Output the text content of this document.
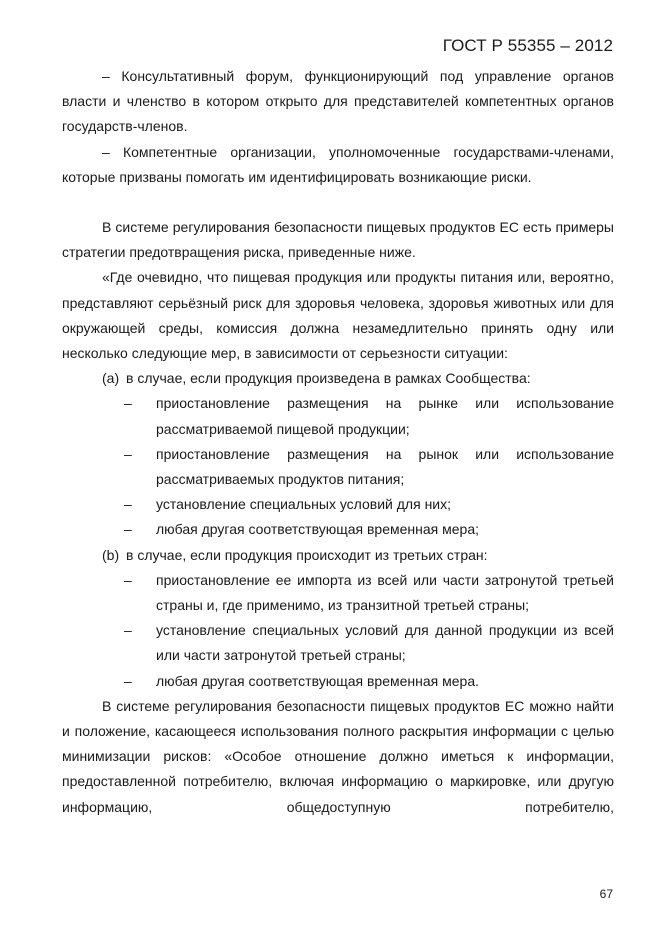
ГОСТ Р 55355 – 2012

– Консультативный форум, функционирующий под управление органов власти и членство в котором открыто для представителей компетентных органов государств-членов.

– Компетентные организации, уполномоченные государствами-членами, которые призваны помогать им идентифицировать возникающие риски.

В системе регулирования безопасности пищевых продуктов ЕС есть примеры стратегии предотвращения риска, приведенные ниже.

«Где очевидно, что пищевая продукция или продукты питания или, вероятно, представляют серьёзный риск для здоровья человека, здоровья животных или для окружающей среды, комиссия должна незамедлительно принять одну или несколько следующие мер, в зависимости от серьезности ситуации:

(a) в случае, если продукция произведена в рамках Сообщества:
–	приостановление размещения на рынке или использование рассматриваемой пищевой продукции;
–	приостановление размещения на рынок или использование рассматриваемых продуктов питания;
–	установление специальных условий для них;
–	любая другая соответствующая временная мера;
(b) в случае, если продукция происходит из третьих стран:
–	приостановление ее импорта из всей или части затронутой третьей страны и, где применимо, из транзитной третьей страны;
–	установление специальных условий для данной продукции из всей или части затронутой третьей страны;
–	любая другая соответствующая временная мера.

В системе регулирования безопасности пищевых продуктов ЕС можно найти и положение, касающееся использования полного раскрытия информации с целью минимизации рисков: «Особое отношение должно иметься к информации, предоставленной потребителю, включая информацию о маркировке, или другую информацию, общедоступную потребителю,

67
